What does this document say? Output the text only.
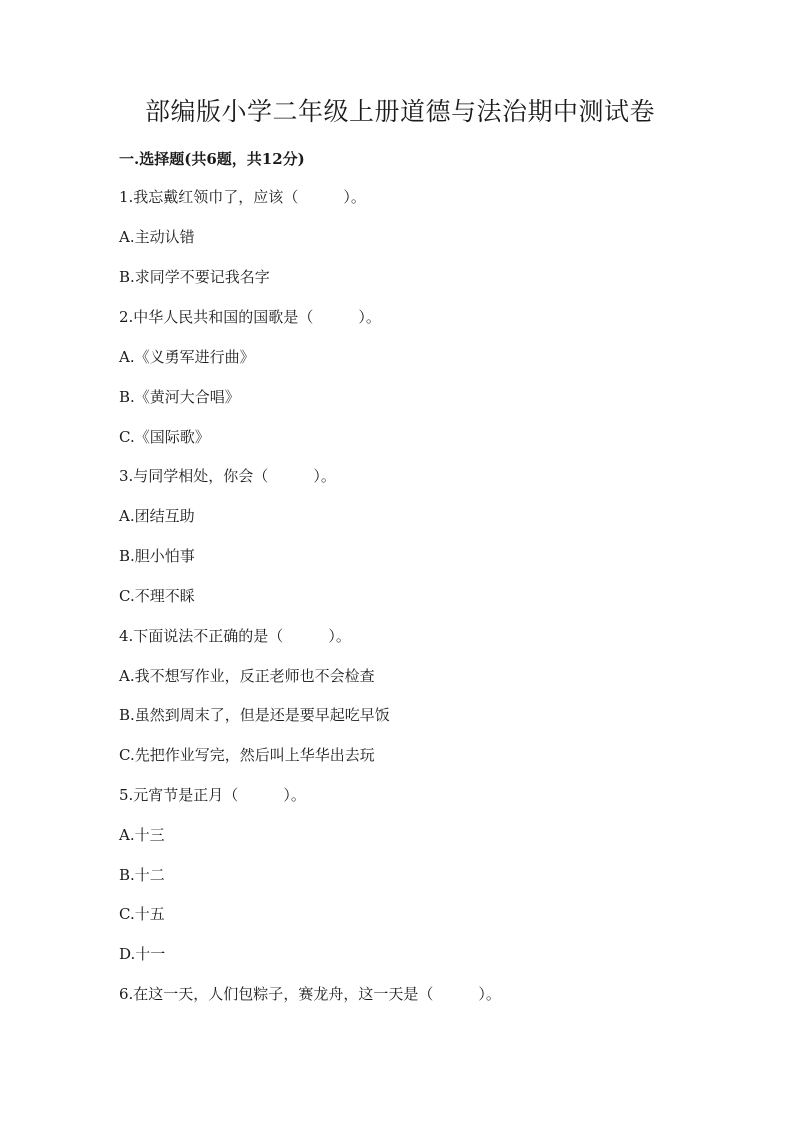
部编版小学二年级上册道德与法治期中测试卷
一.选择题(共6题，共12分)
1.我忘戴红领巾了，应该（　　　）。
A.主动认错
B.求同学不要记我名字
2.中华人民共和国的国歌是（　　　）。
A.《义勇军进行曲》
B.《黄河大合唱》
C.《国际歌》
3.与同学相处，你会（　　　）。
A.团结互助
B.胆小怕事
C.不理不睬
4.下面说法不正确的是（　　　）。
A.我不想写作业，反正老师也不会检查
B.虽然到周末了，但是还是要早起吃早饭
C.先把作业写完，然后叫上华华出去玩
5.元宵节是正月（　　　）。
A.十三
B.十二
C.十五
D.十一
6.在这一天，人们包粽子，赛龙舟，这一天是（　　　）。
